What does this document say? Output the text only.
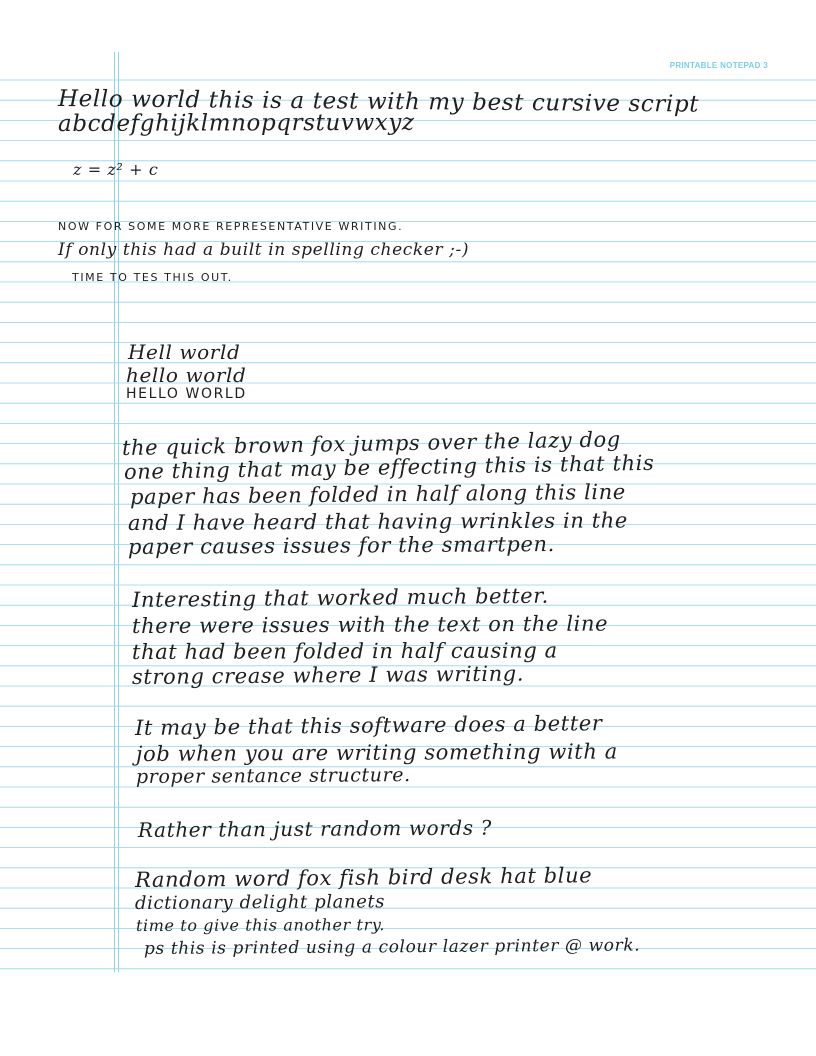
PRINTABLE NOTEPAD 3
Hello world this is a test with my best cursive script
abcdefghijklmnopqrstuvwxyz
z = z² + c
NOW FOR SOME MORE REPRESENTATIVE WRITING.
If only this had a built in spelling checker ;-)
TIME TO TES THIS OUT.
Hell world
hello world
HELLO WORLD
the quick brown fox jumps over the lazy dog
one thing that may be effecting this is that this
paper has been folded in half along this line
and I have heard that having wrinkles in the
paper causes issues for the smartpen.
Interesting that worked much better.
there were issues with the text on the line
that had been folded in half causing a
strong crease where I was writing.
It may be that this software does a better
job when you are writing something with a
proper sentance structure.
Rather than just random words ?
Random word fox fish bird desk hat blue
dictionary delight planets
time to give this another try.
ps this is printed using a colour lazer printer @ work.
